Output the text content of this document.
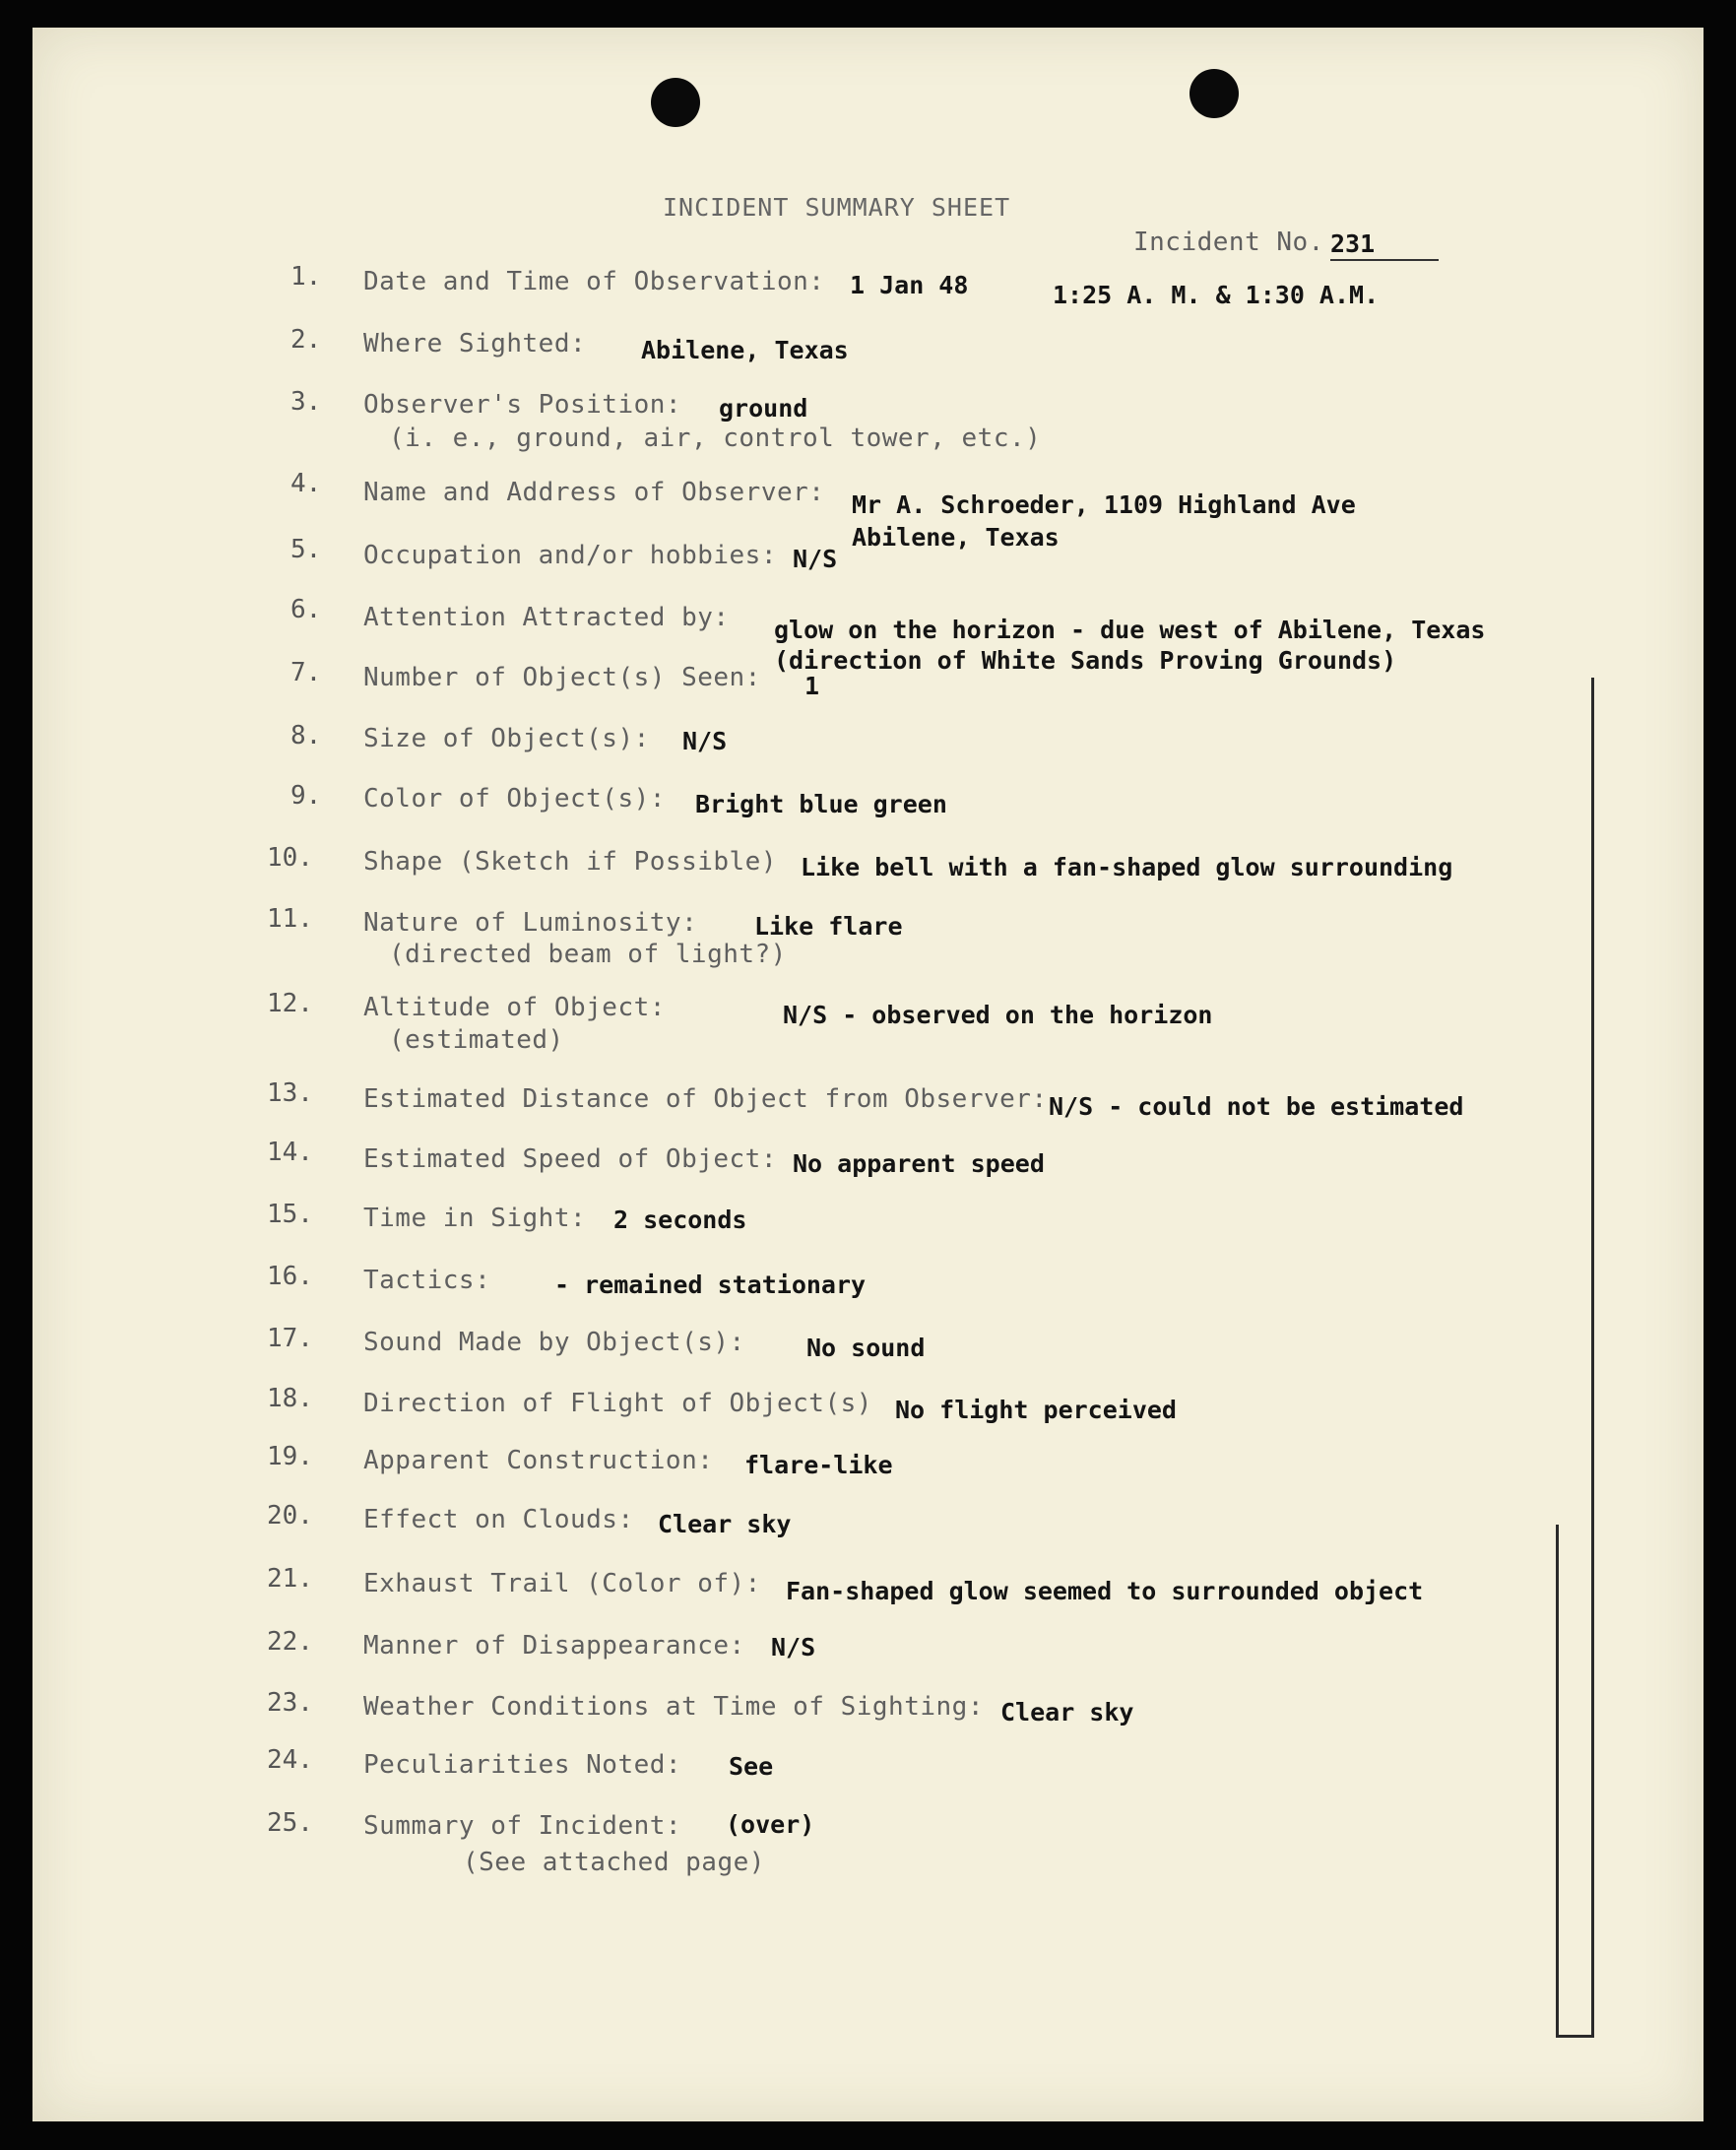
INCIDENT SUMMARY SHEET
Incident No. 231
1. Date and Time of Observation: 1 Jan 48	1:25 A. M. & 1:30 A.M.
2. Where Sighted: Abilene, Texas
3. Observer's Position: ground
(i. e., ground, air, control tower, etc.)
4. Name and Address of Observer: Mr A. Schroeder, 1109 Highland Ave
Abilene, Texas
5. Occupation and/or hobbies: N/S
6. Attention Attracted by: glow on the horizon - due west of Abilene, Texas
(direction of White Sands Proving Grounds)
7. Number of Object(s) Seen: 1
8. Size of Object(s): N/S
9. Color of Object(s): Bright blue green
10. Shape (Sketch if Possible) Like bell with a fan-shaped glow surrounding
11. Nature of Luminosity: Like flare
(directed beam of light?)
12. Altitude of Object:	N/S - observed on the horizon
(estimated)
13. Estimated Distance of Object from Observer: N/S - could not be estimated
14. Estimated Speed of Object: No apparent speed
15. Time in Sight: 2 seconds
16. Tactics:	- remained stationary
17. Sound Made by Object(s): No sound
18. Direction of Flight of Object(s) No flight perceived
19. Apparent Construction: flare-like
20. Effect on Clouds: Clear sky
21. Exhaust Trail (Color of): Fan-shaped glow seemed to surrounded object
22. Manner of Disappearance: N/S
23. Weather Conditions at Time of Sighting: Clear sky
24. Peculiarities Noted: See
25. Summary of Incident: (over)
(See attached page)
